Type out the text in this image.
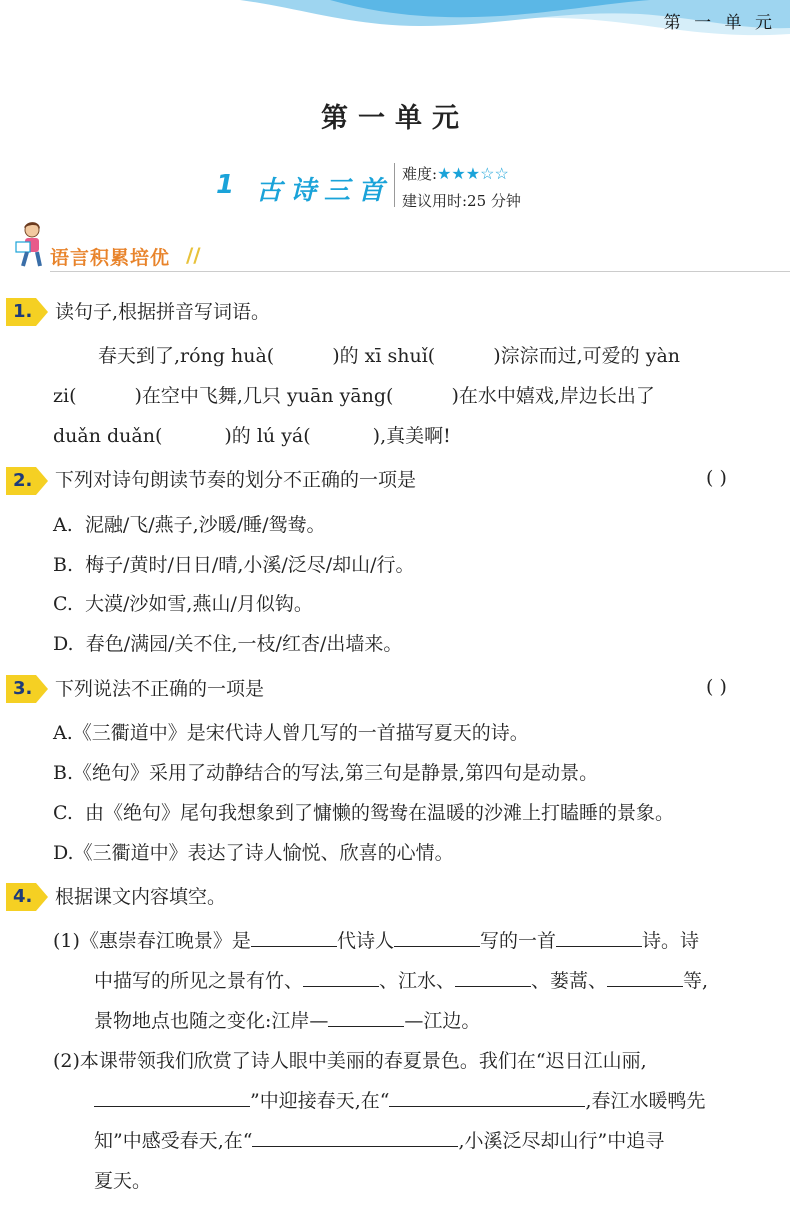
第 一 单 元
第一单元
1 古诗三首
难度:★★★☆☆
建议用时:25 分钟
语言积累培优 //
1. 读句子,根据拼音写词语。
春天到了,róng huà(	)的 xī shuǐ(	)淙淙而过,可爱的 yàn
zi(	)在空中飞舞,几只 yuān yāng(	)在水中嬉戏,岸边长出了
duǎn duǎn(	)的 lú yá(	),真美啊!
2. 下列对诗句朗读节奏的划分不正确的一项是	( )
A. 泥融/飞/燕子,沙暖/睡/鸳鸯。
B. 梅子/黄时/日日/晴,小溪/泛尽/却山/行。
C. 大漠/沙如雪,燕山/月似钩。
D. 春色/满园/关不住,一枝/红杏/出墙来。
3. 下列说法不正确的一项是	( )
A.《三衢道中》是宋代诗人曾几写的一首描写夏天的诗。
B.《绝句》采用了动静结合的写法,第三句是静景,第四句是动景。
C. 由《绝句》尾句我想象到了慵懒的鸳鸯在温暖的沙滩上打瞌睡的景象。
D.《三衢道中》表达了诗人愉悦、欣喜的心情。
4. 根据课文内容填空。
(1)《惠崇春江晚景》是	代诗人	写的一首	诗。诗
中描写的所见之景有竹、	、江水、	、蒌蒿、	等,
景物地点也随之变化:江岸—	—江边。
(2)本课带领我们欣赏了诗人眼中美丽的春夏景色。我们在“迟日江山丽,
”中迎接春天,在“	,春江水暖鸭先
知”中感受春天,在“	,小溪泛尽却山行”中追寻
夏天。
